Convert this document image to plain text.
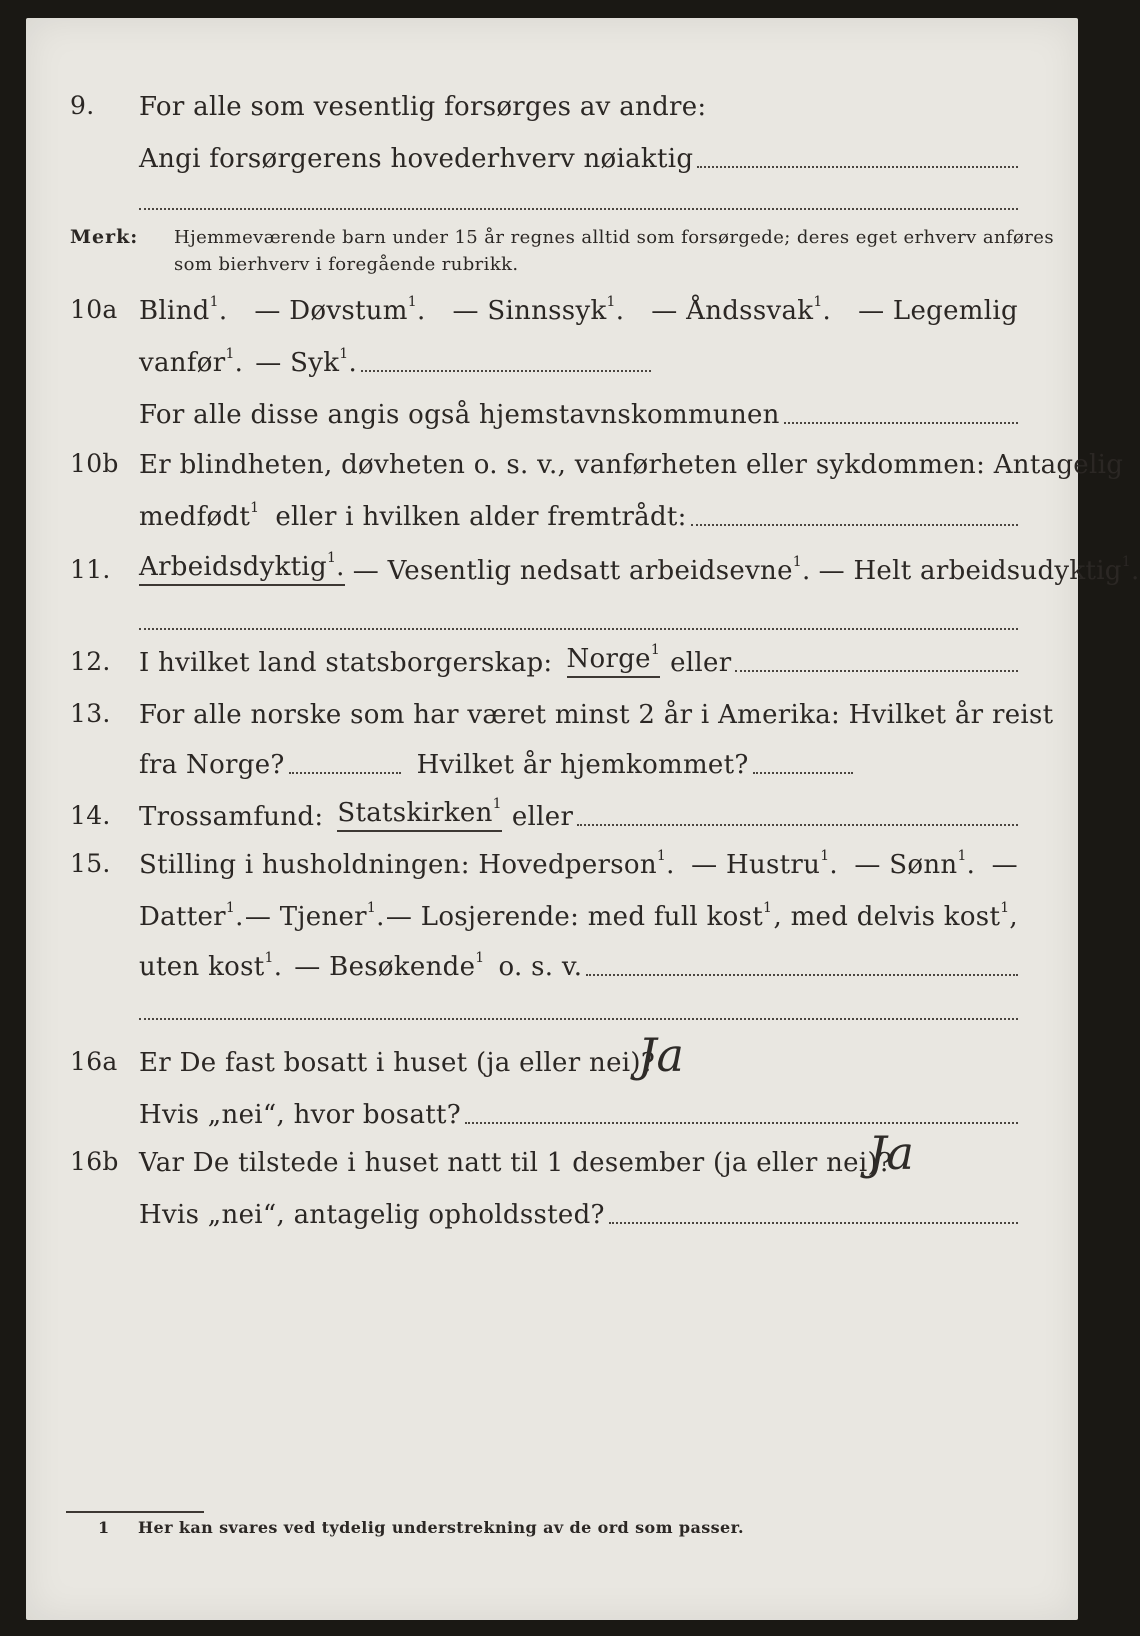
9.	For alle som vesentlig forsørges av andre:
Angi forsørgerens hovederhverv nøiaktig
Merk: Hjemmeværende barn under 15 år regnes alltid som forsørgede; deres eget erhverv anføres som bierhverv i foregående rubrikk.
10a Blind$^1$. — Døvstum$^1$. — Sinnssyk$^1$. — Åndssvak$^1$. — Legemlig
vanfør$^1$. — Syk$^1$.
For alle disse angis også hjemstavnskommunen
10b Er blindheten, døvheten o. s. v., vanførheten eller sykdommen: Antagelig
medfødt$^1$ eller i hvilken alder fremtrådt:
11.	Arbeidsdyktig$^1$. — Vesentlig nedsatt arbeidsevne$^1$. — Helt arbeidsudyktig$^1$.
12.	I hvilket land statsborgerskap: Norge$^1$ eller
13.	For alle norske som har været minst 2 år i Amerika: Hvilket år reist
fra Norge?	Hvilket år hjemkommet?
14.	Trossamfund: Statskirken$^1$ eller
15.	Stilling i husholdningen: Hovedperson$^1$. — Hustru$^1$. — Sønn$^1$. —
Datter$^1$. — Tjener$^1$. — Losjerende: med full kost$^1$ , med delvis kost$^1$,
uten kost$^1$. — Besøkende$^1$ o. s. v.
16a Er De fast bosatt i huset (ja eller nei)?
Ja
Hvis „nei“, hvor bosatt?
16b Var De tilstede i huset natt til 1 desember (ja eller nei)?
Ja
Hvis „nei“, antagelig opholdssted?
1 Her kan svares ved tydelig understrekning av de ord som passer.
